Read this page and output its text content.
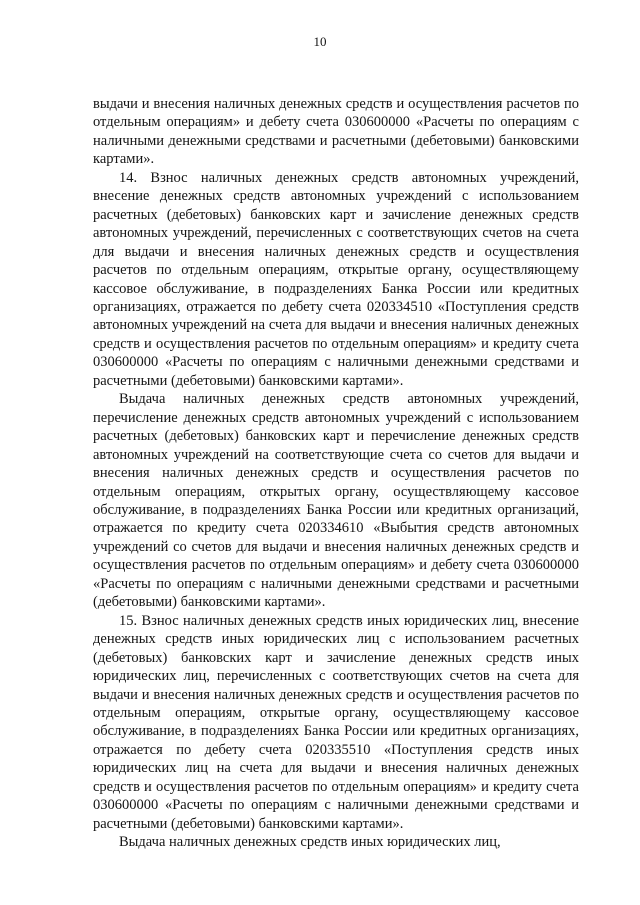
10

выдачи и внесения наличных денежных средств и осуществления расчетов по отдельным операциям» и дебету счета 030600000 «Расчеты по операциям с наличными денежными средствами и расчетными (дебетовыми) банковскими картами».

14. Взнос наличных денежных средств автономных учреждений, внесение денежных средств автономных учреждений с использованием расчетных (дебетовых) банковских карт и зачисление денежных средств автономных учреждений, перечисленных с соответствующих счетов на счета для выдачи и внесения наличных денежных средств и осуществления расчетов по отдельным операциям, открытые органу, осуществляющему кассовое обслуживание, в подразделениях Банка России или кредитных организациях, отражается по дебету счета 020334510 «Поступления средств автономных учреждений на счета для выдачи и внесения наличных денежных средств и осуществления расчетов по отдельным операциям» и кредиту счета 030600000 «Расчеты по операциям с наличными денежными средствами и расчетными (дебетовыми) банковскими картами».

Выдача наличных денежных средств автономных учреждений, перечисление денежных средств автономных учреждений с использованием расчетных (дебетовых) банковских карт и перечисление денежных средств автономных учреждений на соответствующие счета со счетов для выдачи и внесения наличных денежных средств и осуществления расчетов по отдельным операциям, открытых органу, осуществляющему кассовое обслуживание, в подразделениях Банка России или кредитных организаций, отражается по кредиту счета 020334610 «Выбытия средств автономных учреждений со счетов для выдачи и внесения наличных денежных средств и осуществления расчетов по отдельным операциям» и дебету счета 030600000 «Расчеты по операциям с наличными денежными средствами и расчетными (дебетовыми) банковскими картами».

15. Взнос наличных денежных средств иных юридических лиц, внесение денежных средств иных юридических лиц с использованием расчетных (дебетовых) банковских карт и зачисление денежных средств иных юридических лиц, перечисленных с соответствующих счетов на счета для выдачи и внесения наличных денежных средств и осуществления расчетов по отдельным операциям, открытые органу, осуществляющему кассовое обслуживание, в подразделениях Банка России или кредитных организациях, отражается по дебету счета 020335510 «Поступления средств иных юридических лиц на счета для выдачи и внесения наличных денежных средств и осуществления расчетов по отдельным операциям» и кредиту счета 030600000 «Расчеты по операциям с наличными денежными средствами и расчетными (дебетовыми) банковскими картами».

Выдача наличных денежных средств иных юридических лиц,
